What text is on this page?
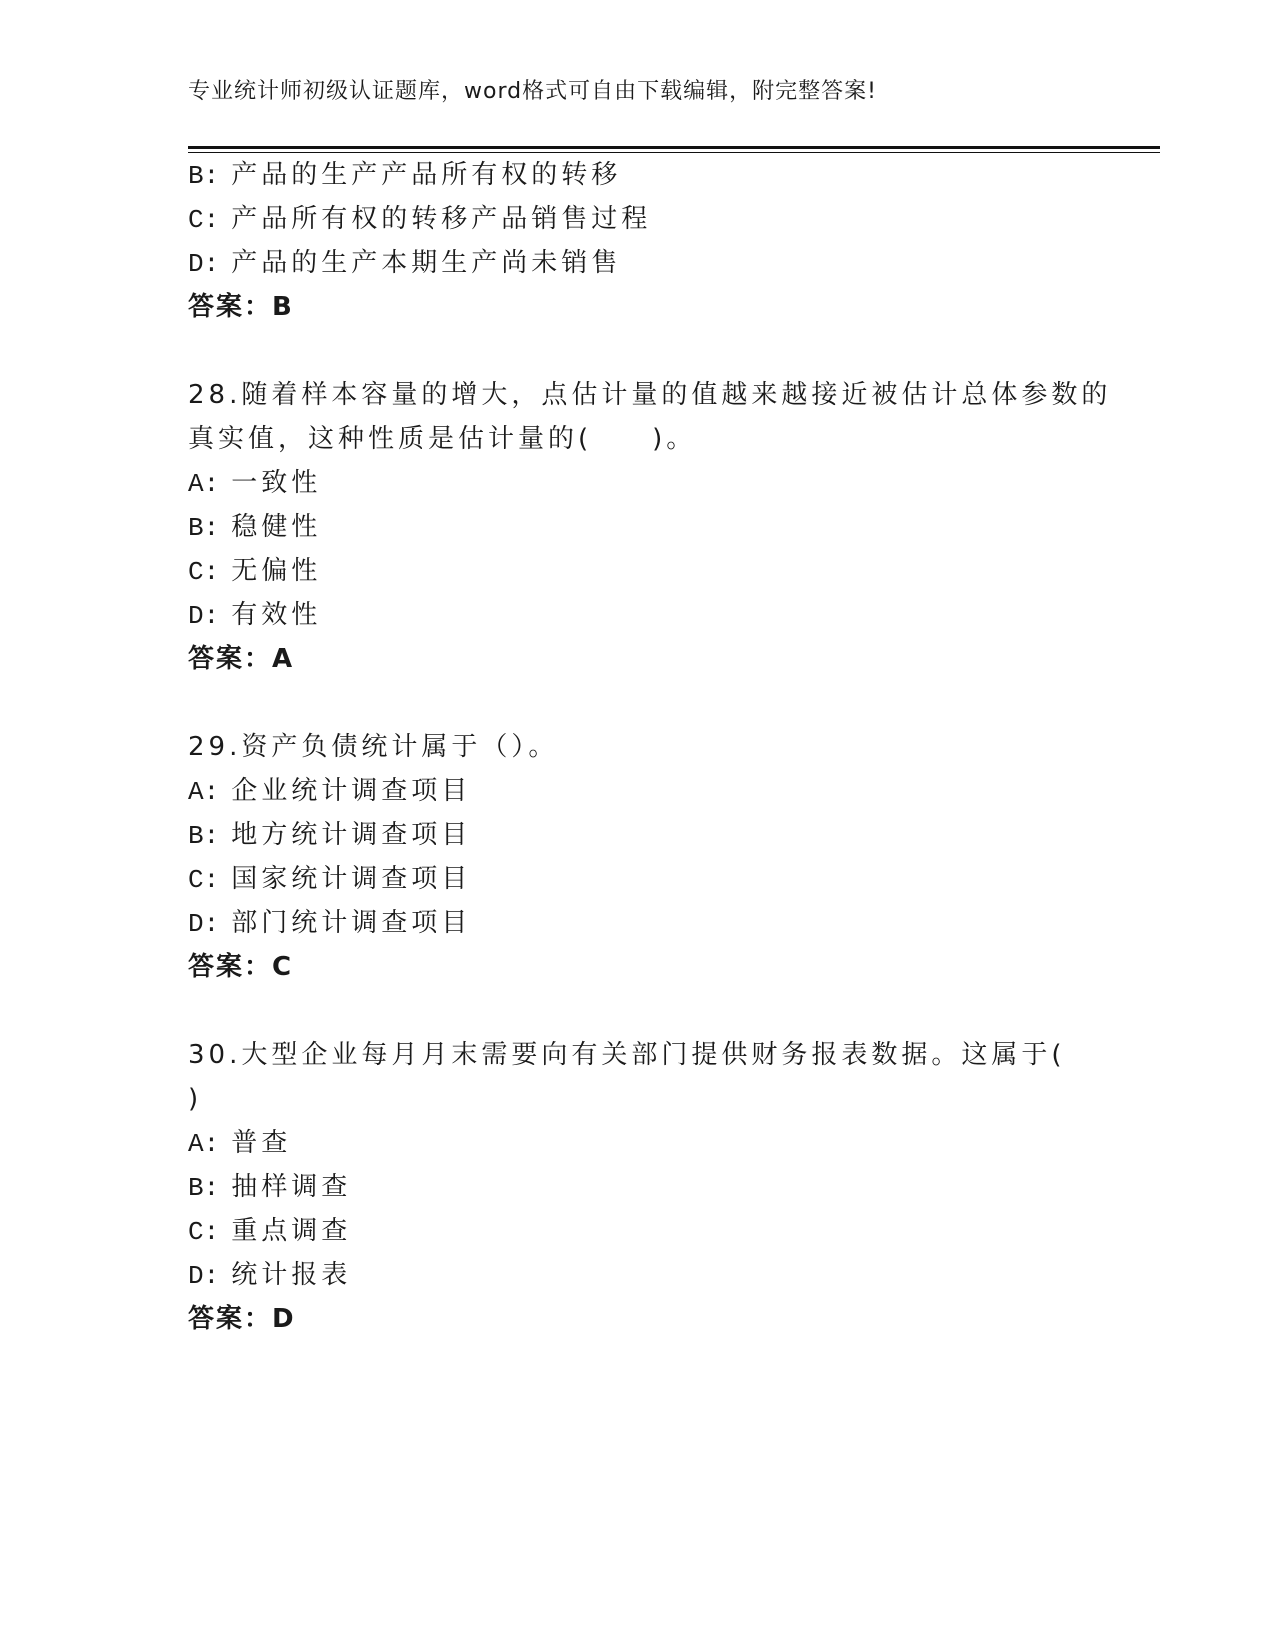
专业统计师初级认证题库，word格式可自由下载编辑，附完整答案!
B: 产品的生产产品所有权的转移
C: 产品所有权的转移产品销售过程
D: 产品的生产本期生产尚未销售
答案：B
28.随着样本容量的增大，点估计量的值越来越接近被估计总体参数的
真实值，这种性质是估计量的(　　)。
A: 一致性
B: 稳健性
C: 无偏性
D: 有效性
答案：A
29.资产负债统计属于（）。
A: 企业统计调查项目
B: 地方统计调查项目
C: 国家统计调查项目
D: 部门统计调查项目
答案：C
30.大型企业每月月末需要向有关部门提供财务报表数据。这属于(
)
A: 普查
B: 抽样调查
C: 重点调查
D: 统计报表
答案：D
